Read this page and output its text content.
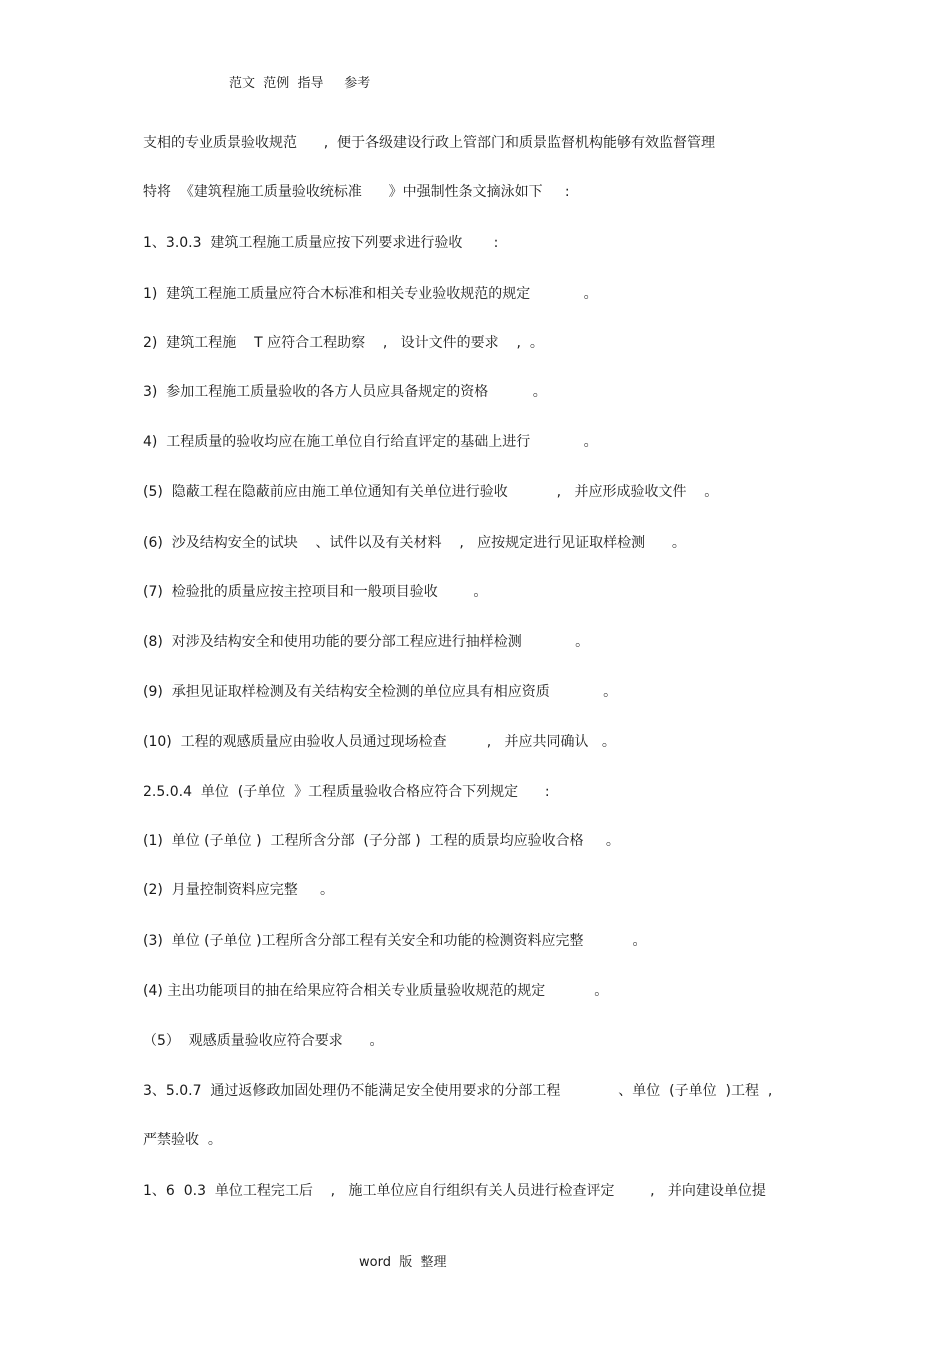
范文  范例  指导     参考
支相的专业质景验收规范      ,  便于各级建设行政上管部门和质景监督机构能够有效监督管理
特将  《建筑程施工质量验收统标准      》中强制性条文摘泳如下     :
1、3.0.3  建筑工程施工质量应按下列要求进行验收       :
1)  建筑工程施工质量应符合木标准和相关专业验收规范的规定            。
2)  建筑工程施    T 应符合工程助察    ,   设计文件的要求    ,  。
3)  参加工程施工质量验收的各方人员应具备规定的资格          。
4)  工程质量的验收均应在施工单位自行给直评定的基础上进行            。
(5)  隐蔽工程在隐蔽前应由施工单位通知有关单位进行验收           ,   并应形成验收文件    。
(6)  沙及结构安全的试块    、试件以及有关材料    ,   应按规定进行见证取样检测      。
(7)  检验批的质量应按主控项目和一般项目验收        。
(8)  对涉及结构安全和使用功能的要分部工程应进行抽样检测            。
(9)  承担见证取样检测及有关结构安全检测的单位应具有相应资质            。
(10)  工程的观感质量应由验收人员通过现场检查         ,   并应共同确认   。
2.5.0.4  单位  (子单位  》工程质量验收合格应符合下列规定      :
(1)  单位 (子单位 )  工程所含分部  (子分部 )  工程的质景均应验收合格     。
(2)  月量控制资料应完整     。
(3)  单位 (子单位 )工程所含分部工程有关安全和功能的检测资料应完整           。
(4) 主出功能项目的抽在给果应符合相关专业质量验收规范的规定           。
（5）  观感质量验收应符合要求      。
3、5.0.7  通过返修政加固处理仍不能满足安全使用要求的分部工程             、单位  (子单位  )工程  ,
严禁验收  。
1、6  0.3  单位工程完工后    ,   施工单位应自行组织有关人员进行检查评定        ,   并向建设单位提
word  版  整理
